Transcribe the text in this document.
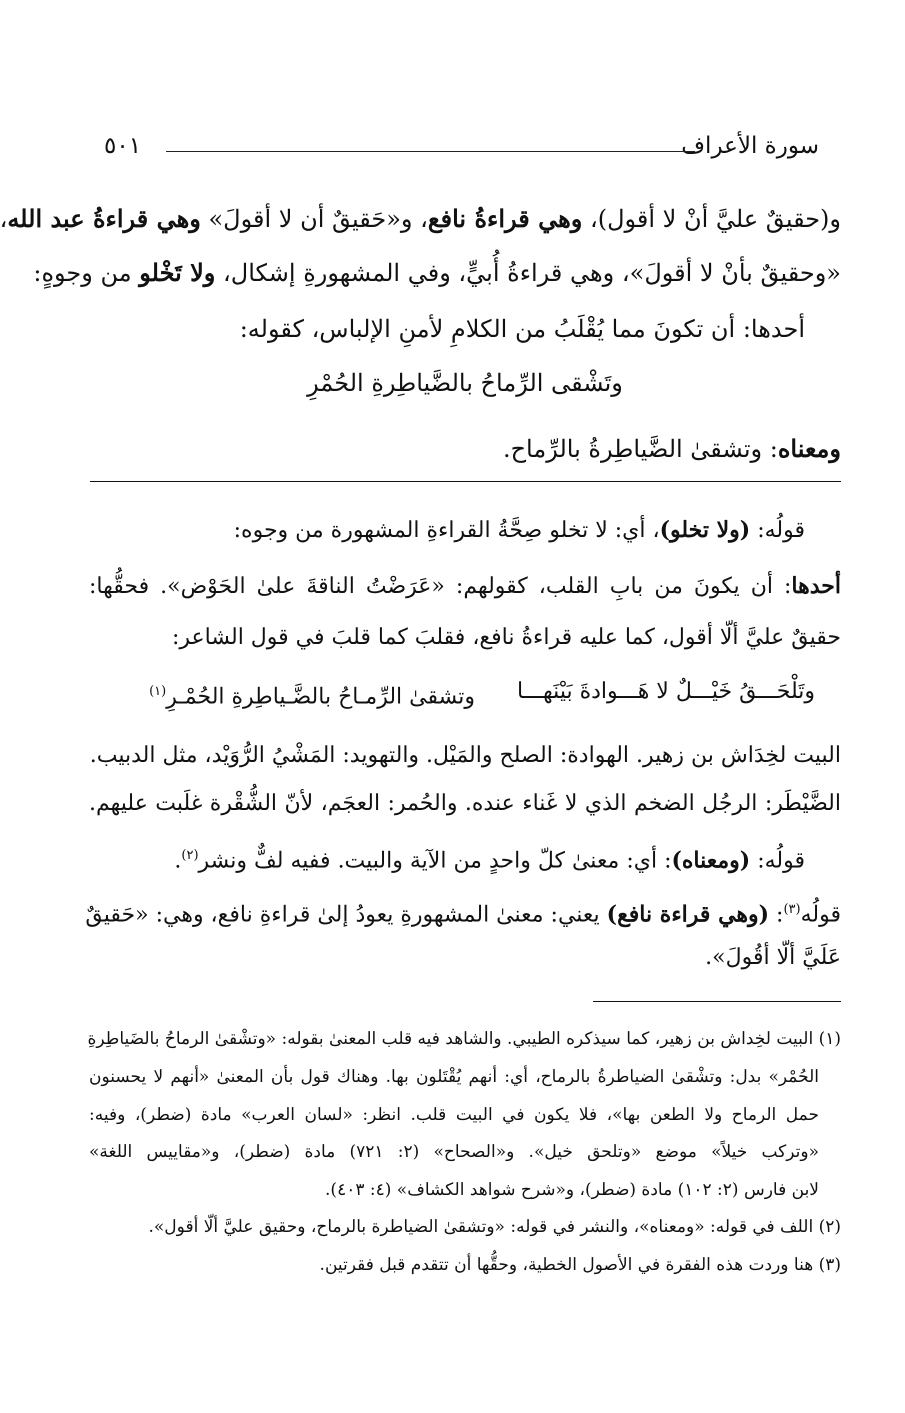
سورة الأعراف
٥٠١
و(حقيقٌ عليَّ أنْ لا أقول)، وهي قراءةُ نافع، و«حَقيقٌ أن لا أقولَ» وهي قراءةُ عبد الله،
«وحقيقٌ بأنْ لا أقولَ»، وهي قراءةُ أُبيٍّ، وفي المشهورةِ إشكال، ولا تَخْلو من وجوهٍ:
أحدها: أن تكونَ مما يُقْلَبُ من الكلامِ لأمنِ الإلباس، كقوله:
وتَشْقى الرِّماحُ بالضَّياطِرةِ الحُمْرِ
ومعناه: وتشقىٰ الضَّياطِرةُ بالرِّماح.
قولُه: (ولا تخلو)، أي: لا تخلو صِحَّةُ القراءةِ المشهورة من وجوه:
أحدها: أن يكونَ من بابِ القلب، كقولهم: «عَرَضْتُ الناقةَ علىٰ الحَوْض». فحقُّها:
حقيقٌ عليَّ ألّا أقول، كما عليه قراءةُ نافع، فقلبَ كما قلبَ في قول الشاعر:
وتَلْحَـــقُ خَيْـــلٌ لا هَـــوادةَ بَيْنَهـــا
وتشقىٰ الرِّمـاحُ بالضَّـياطِرةِ الحُمْـرِ$^{(١)}$
البيت لخِدَاش بن زهير. الهوادة: الصلح والمَيْل. والتهويد: المَشْيُ الرُّوَيْد، مثل الدبيب.
الضَّيْطَر: الرجُل الضخم الذي لا غَناء عنده. والحُمر: العجَم، لأنّ الشُّقْرة غلَبت عليهم.
قولُه: (ومعناه): أي: معنىٰ كلّ واحدٍ من الآية والبيت. ففيه لفٌّ ونشر$^{(٢)}$.
قولُه$^{(٣)}$: (وهي قراءة نافع) يعني: معنىٰ المشهورةِ يعودُ إلىٰ قراءةِ نافع، وهي: «حَقيقٌ
عَلَيَّ ألّا أقُولَ».
(١) البيت لخِداش بن زهير، كما سيذكره الطيبي. والشاهد فيه قلب المعنىٰ بقوله: «وتشْقىٰ الرماحُ بالضَياطِرةِ
الحُمْر» بدل: وتشْقىٰ الضياطرةُ بالرماح، أي: أنهم يُقْتَلون بها. وهناك قول بأن المعنىٰ «أنهم لا يحسنون
حمل الرماح ولا الطعن بها»، فلا يكون في البيت قلب. انظر: «لسان العرب» مادة (ضطر)، وفيه:
«وتركب خيلاً» موضع «وتلحق خيل». و«الصحاح» (٢: ٧٢١) مادة (ضطر)، و«مقاييس اللغة»
لابن فارس (٢: ١٠٢) مادة (ضطر)، و«شرح شواهد الكشاف» (٤: ٤٠٣).
(٢) اللف في قوله: «ومعناه»، والنشر في قوله: «وتشقىٰ الضياطرة بالرماح، وحقيق عليَّ ألّا أقول».
(٣) هنا وردت هذه الفقرة في الأصول الخطية، وحقُّها أن تتقدم قبل فقرتين.
